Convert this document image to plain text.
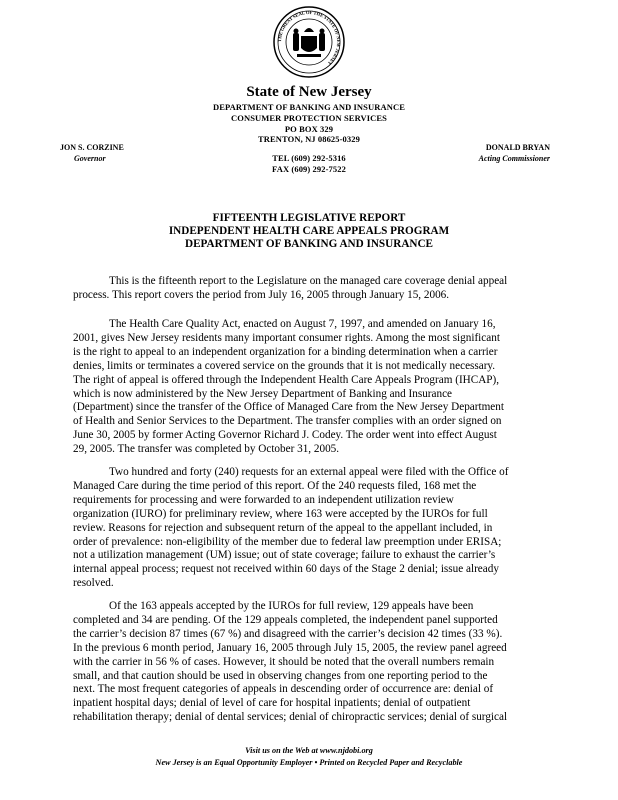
THE GREAT SEAL OF THE STATE OF NEW JERSEY
State of New Jersey
DEPARTMENT OF BANKING AND INSURANCE
CONSUMER PROTECTION SERVICES
PO BOX 329
TRENTON, NJ 08625-0329
JON S. CORZINE
Governor
DONALD BRYAN
Acting Commissioner
TEL (609) 292-5316
FAX (609) 292-7522
FIFTEENTH LEGISLATIVE REPORT
INDEPENDENT HEALTH CARE APPEALS PROGRAM
DEPARTMENT OF BANKING AND INSURANCE
This is the fifteenth report to the Legislature on the managed care coverage denial appeal
process. This report covers the period from July 16, 2005 through January 15, 2006.
The Health Care Quality Act, enacted on August 7, 1997, and amended on January 16,
2001, gives New Jersey residents many important consumer rights. Among the most significant
is the right to appeal to an independent organization for a binding determination when a carrier
denies, limits or terminates a covered service on the grounds that it is not medically necessary.
The right of appeal is offered through the Independent Health Care Appeals Program (IHCAP),
which is now administered by the New Jersey Department of Banking and Insurance
(Department) since the transfer of the Office of Managed Care from the New Jersey Department
of Health and Senior Services to the Department. The transfer complies with an order signed on
June 30, 2005 by former Acting Governor Richard J. Codey. The order went into effect August
29, 2005. The transfer was completed by October 31, 2005.
Two hundred and forty (240) requests for an external appeal were filed with the Office of
Managed Care during the time period of this report. Of the 240 requests filed, 168 met the
requirements for processing and were forwarded to an independent utilization review
organization (IURO) for preliminary review, where 163 were accepted by the IUROs for full
review. Reasons for rejection and subsequent return of the appeal to the appellant included, in
order of prevalence: non-eligibility of the member due to federal law preemption under ERISA;
not a utilization management (UM) issue; out of state coverage; failure to exhaust the carrier’s
internal appeal process; request not received within 60 days of the Stage 2 denial; issue already
resolved.
Of the 163 appeals accepted by the IUROs for full review, 129 appeals have been
completed and 34 are pending. Of the 129 appeals completed, the independent panel supported
the carrier’s decision 87 times (67 %) and disagreed with the carrier’s decision 42 times (33 %).
In the previous 6 month period, January 16, 2005 through July 15, 2005, the review panel agreed
with the carrier in 56 % of cases. However, it should be noted that the overall numbers remain
small, and that caution should be used in observing changes from one reporting period to the
next. The most frequent categories of appeals in descending order of occurrence are: denial of
inpatient hospital days; denial of level of care for hospital inpatients; denial of outpatient
rehabilitation therapy; denial of dental services; denial of chiropractic services; denial of surgical
Visit us on the Web at www.njdobi.org
New Jersey is an Equal Opportunity Employer • Printed on Recycled Paper and Recyclable
